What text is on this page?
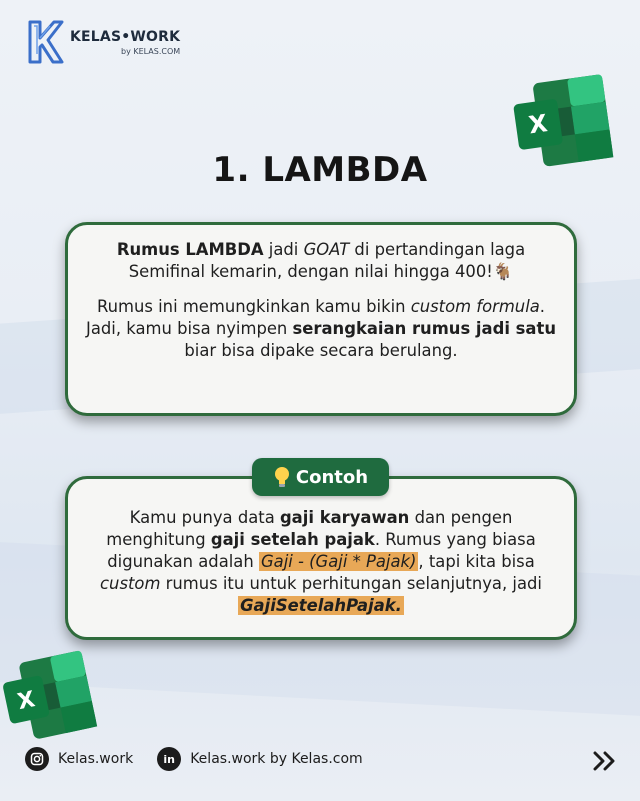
KELAS•WORK
by KELAS.COM
X
1. LAMBDA

Rumus LAMBDA jadi GOAT di pertandingan laga Semifinal kemarin, dengan nilai hingga 400!🐐

Rumus ini memungkinkan kamu bikin custom formula. Jadi, kamu bisa nyimpen serangkaian rumus jadi satu biar bisa dipake secara berulang.

Kamu punya data gaji karyawan dan pengen menghitung gaji setelah pajak. Rumus yang biasa digunakan adalah Gaji - (Gaji * Pajak) , tapi kita bisa custom rumus itu untuk perhitungan selanjutnya, jadi GajiSetelahPajak.

Contoh
X
Kelas.work	in	Kelas.work by Kelas.com
